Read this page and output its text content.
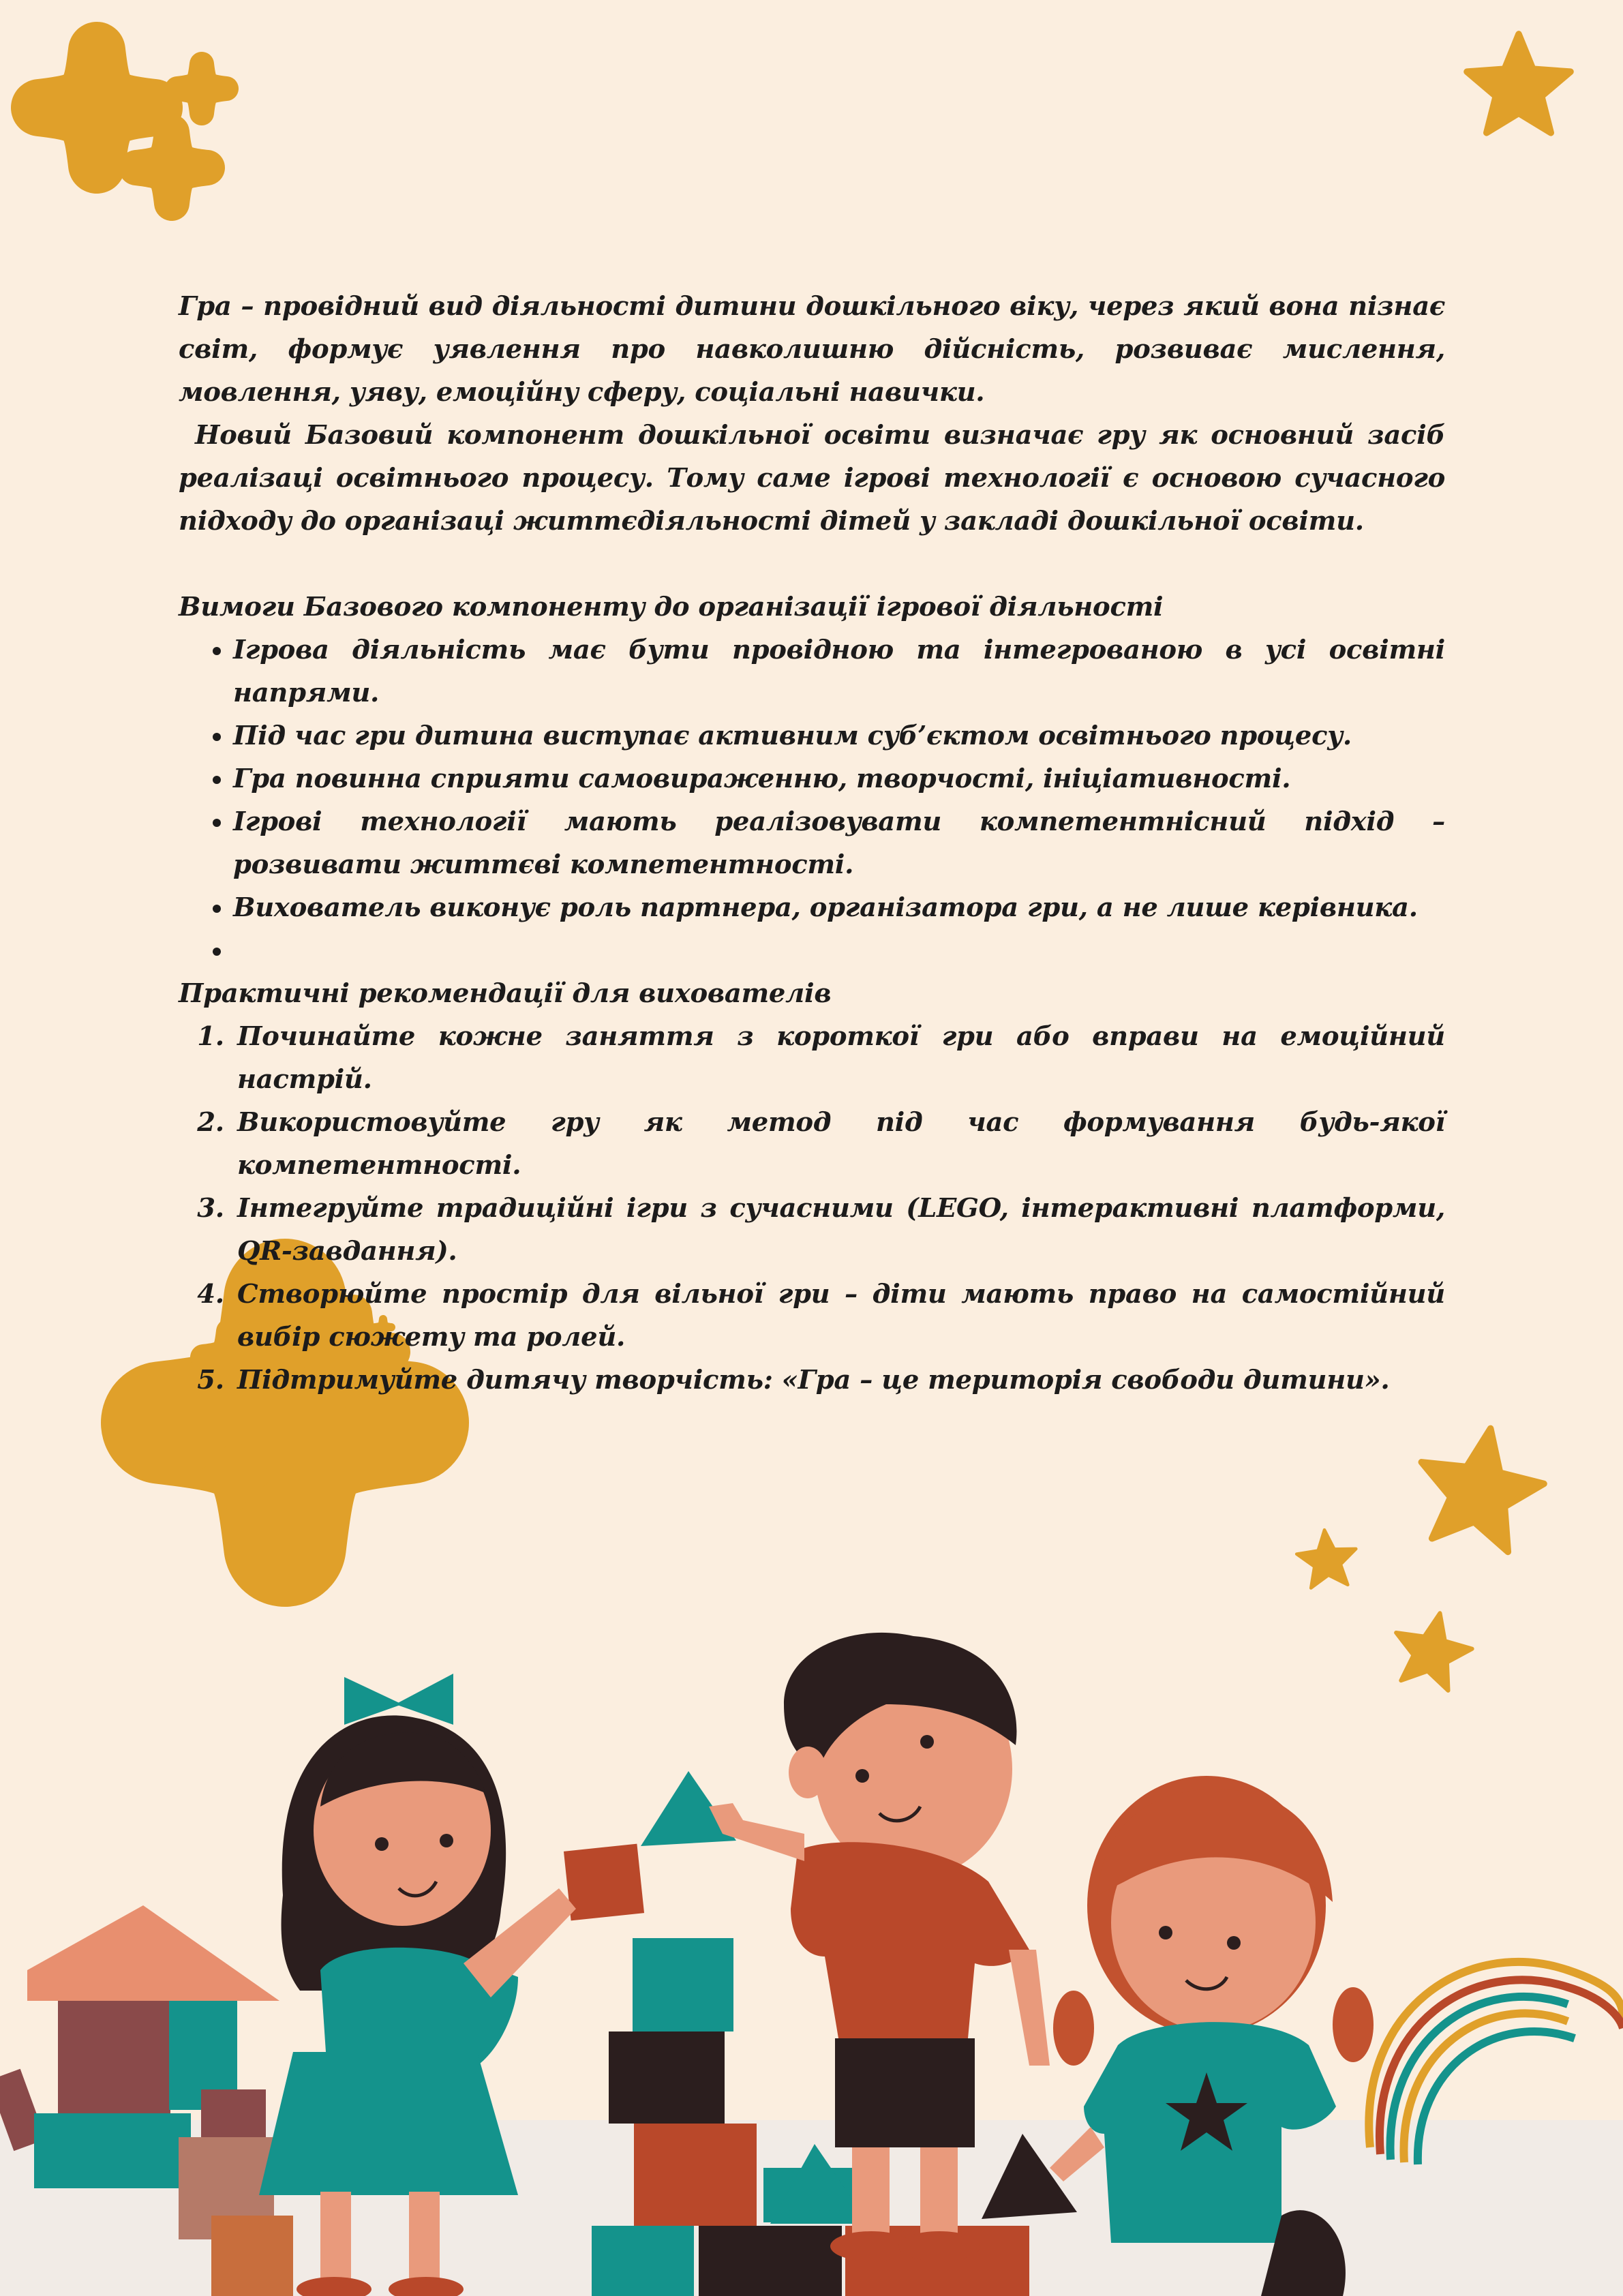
Гра – провідний вид діяльності дитини дошкільного віку, через який вона пізнає світ, формує уявлення про навколишню дійсність, розвиває мислення, мовлення, уяву, емоційну сферу, соціальні навички.

Новий Базовий компонент дошкільної освіти визначає гру як основний засіб реалізаці освітнього процесу. Тому саме ігрові технології є основою сучасного підходу до організаці життєдіяльності дітей у закладі дошкільної освіти.

Вимоги Базового компоненту до організації ігрової діяльності
• Ігрова діяльність має бути провідною та інтегрованою в усі освітні напрями.
• Під час гри дитина виступає активним суб’єктом освітнього процесу.
• Гра повинна сприяти самовираженню, творчості, ініціативності.
• Ігрові технології мають реалізовувати компетентнісний підхід – розвивати життєві компетентності.
• Вихователь виконує роль партнера, організатора гри, а не лише керівника.
•
Практичні рекомендації для вихователів
1. Починайте кожне заняття з короткої гри або вправи на емоційний настрій.
2. Використовуйте гру як метод під час формування будь-якої компетентності.
3. Інтегруйте традиційні ігри з сучасними (LEGO, інтерактивні платформи, QR-завдання).
4. Створюйте простір для вільної гри – діти мають право на самостійний вибір сюжету та ролей.
5. Підтримуйте дитячу творчість: «Гра – це територія свободи дитини».
